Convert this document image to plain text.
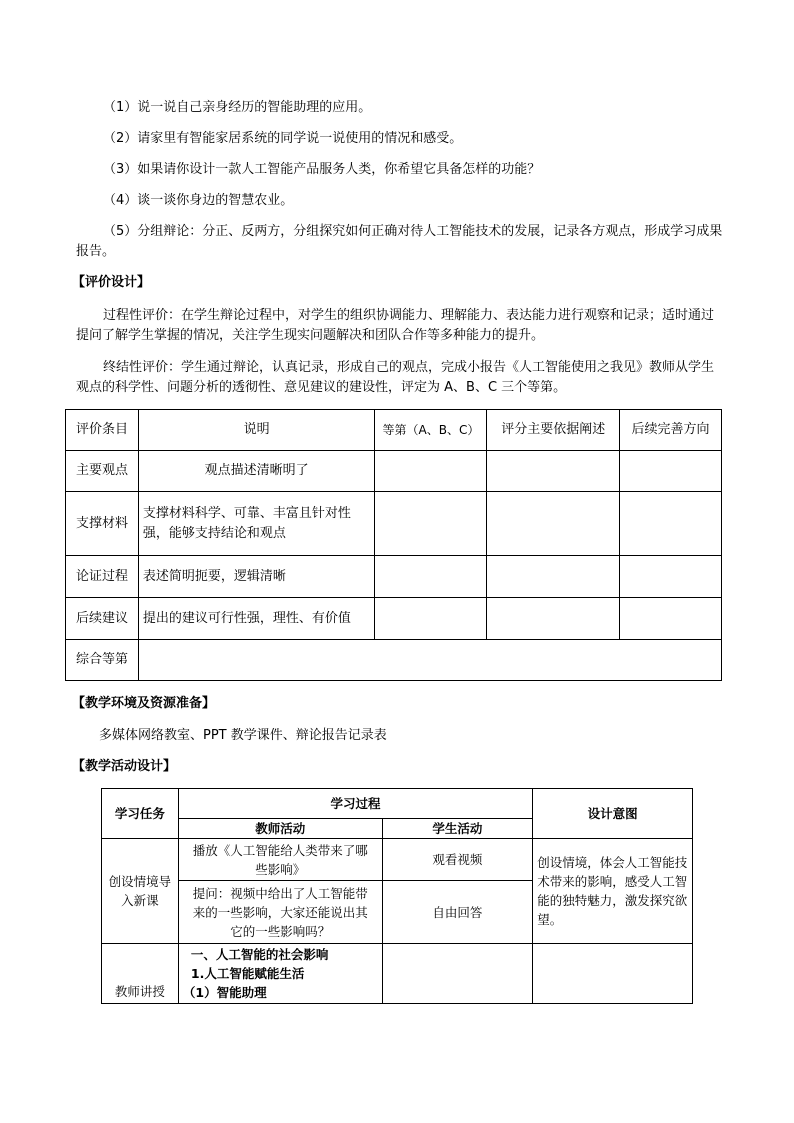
（1）说一说自己亲身经历的智能助理的应用。
（2）请家里有智能家居系统的同学说一说使用的情况和感受。
（3）如果请你设计一款人工智能产品服务人类，你希望它具备怎样的功能？
（4）谈一谈你身边的智慧农业。
（5）分组辩论：分正、反两方，分组探究如何正确对待人工智能技术的发展，记录各方观点，形成学习成果报告。
【评价设计】
过程性评价：在学生辩论过程中，对学生的组织协调能力、理解能力、表达能力进行观察和记录；适时通过提问了解学生掌握的情况，关注学生现实问题解决和团队合作等多种能力的提升。
终结性评价：学生通过辩论，认真记录，形成自己的观点，完成小报告《人工智能使用之我见》教师从学生观点的科学性、问题分析的透彻性、意见建议的建设性，评定为 A、B、C 三个等第。
评价条目	说明	等第（A、B、C）	评分主要依据阐述	后续完善方向
主要观点	观点描述清晰明了			
支撑材料	支撑材料科学、可靠、丰富且针对性强，能够支持结论和观点			
论证过程	表述简明扼要，逻辑清晰			
后续建议	提出的建议可行性强，理性、有价值			
综合等第				
【教学环境及资源准备】
多媒体网络教室、PPT 教学课件、辩论报告记录表
【教学活动设计】
学习任务	学习过程		设计意图
	教师活动	学生活动	
创设情境导入新课	播放《人工智能给人类带来了哪些影响》	观看视频	创设情境，体会人工智能技术带来的影响，感受人工智能的独特魅力，激发探究欲望。
	提问：视频中给出了人工智能带来的一些影响，大家还能说出其它的一些影响吗？	自由回答	
教师讲授	一、人工智能的社会影响
1.人工智能赋能生活
（1）智能助理		
